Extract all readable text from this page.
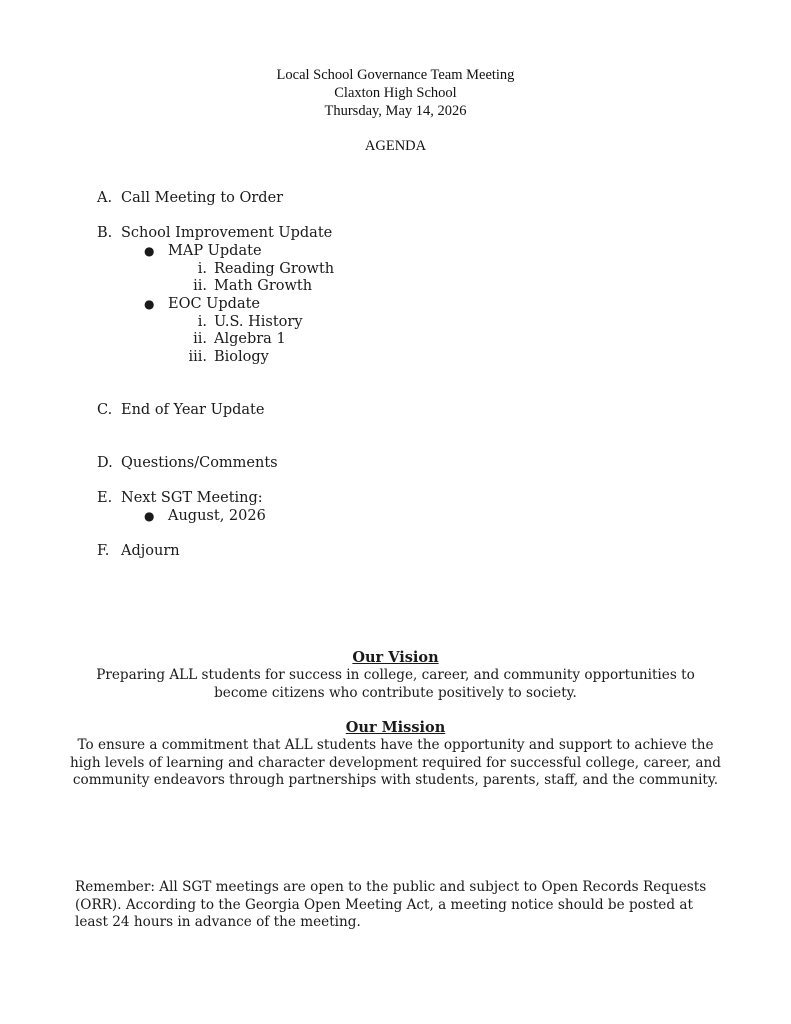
Local School Governance Team Meeting
Claxton High School
Thursday, May 14, 2026
AGENDA
A. Call Meeting to Order
B. School Improvement Update
● MAP Update
i. Reading Growth
ii. Math Growth
● EOC Update
i. U.S. History
ii. Algebra 1
iii. Biology
C. End of Year Update
D. Questions/Comments
E. Next SGT Meeting:
● August, 2026
F. Adjourn
Our Vision

Preparing ALL students for success in college, career, and community opportunities to

become citizens who contribute positively to society.

Our Mission

To ensure a commitment that ALL students have the opportunity and support to achieve the

high levels of learning and character development required for successful college, career, and

community endeavors through partnerships with students, parents, staff, and the community.

Remember: All SGT meetings are open to the public and subject to Open Records Requests
(ORR). According to the Georgia Open Meeting Act, a meeting notice should be posted at
least 24 hours in advance of the meeting.
